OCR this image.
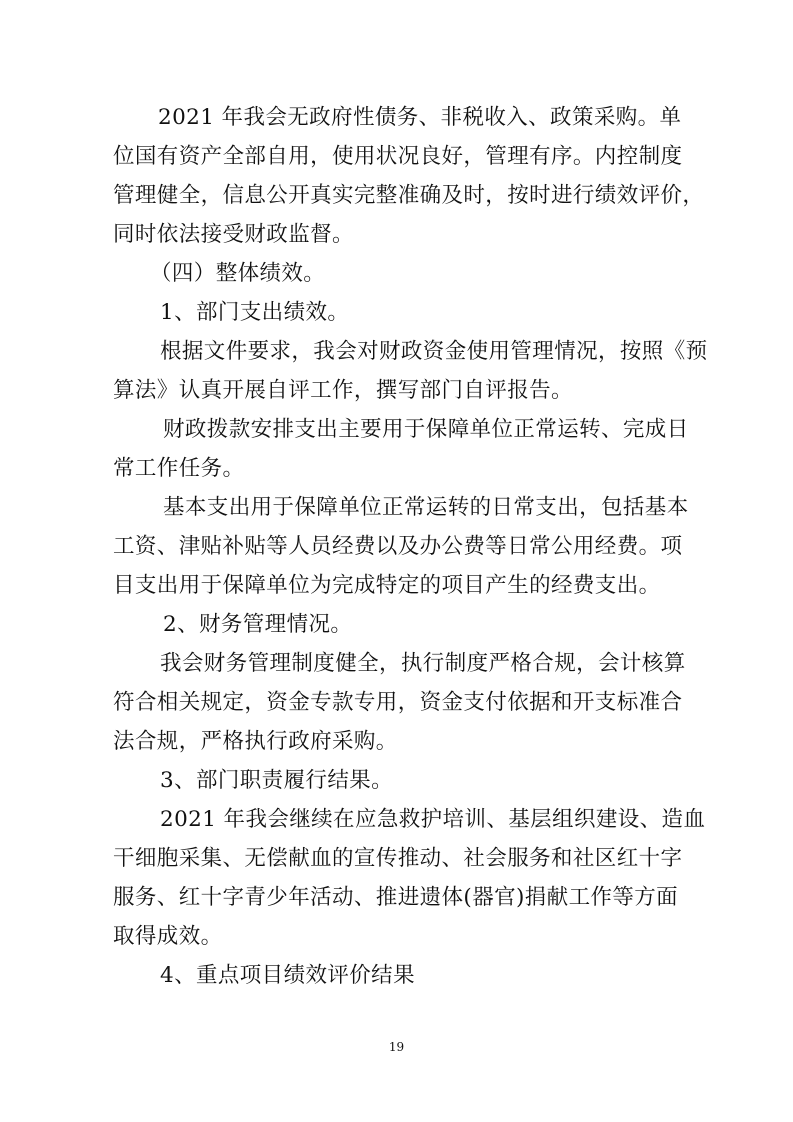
2021 年我会无政府性债务、非税收入、政策采购。单
位国有资产全部自用，使用状况良好，管理有序。内控制度
管理健全，信息公开真实完整准确及时，按时进行绩效评价，
同时依法接受财政监督。
（四）整体绩效。
1、部门支出绩效。
根据文件要求，我会对财政资金使用管理情况，按照《预
算法》认真开展自评工作，撰写部门自评报告。
财政拨款安排支出主要用于保障单位正常运转、完成日
常工作任务。
基本支出用于保障单位正常运转的日常支出，包括基本
工资、津贴补贴等人员经费以及办公费等日常公用经费。项
目支出用于保障单位为完成特定的项目产生的经费支出。
2、财务管理情况。
我会财务管理制度健全，执行制度严格合规，会计核算
符合相关规定，资金专款专用，资金支付依据和开支标准合
法合规，严格执行政府采购。
3、部门职责履行结果。
2021 年我会继续在应急救护培训、基层组织建设、造血
干细胞采集、无偿献血的宣传推动、社会服务和社区红十字
服务、红十字青少年活动、推进遗体(器官)捐献工作等方面
取得成效。
4、重点项目绩效评价结果
19
